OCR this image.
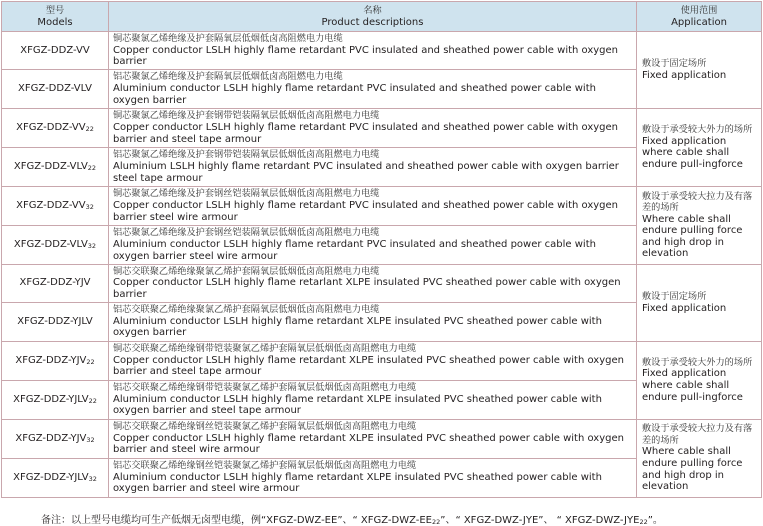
型号
Models	名称
Product descriptions	使用范围
Application

XFGZ-DDZ-VV	铜芯聚氯乙烯绝缘及护套隔氧层低烟低卤高阻燃电力电缆
Copper conductor LSLH highly flame retardant PVC insulated and sheathed power cable with oxygen barrier	敷设于固定场所
Fixed application

XFGZ-DDZ-VLV	铝芯聚氯乙烯绝缘及护套隔氧层低烟低卤高阻燃电力电缆
Aluminium conductor LSLH highly flame retardant PVC insulated and sheathed power cable with oxygen barrier	

XFGZ-$DDZ-VV_{22}$	铜芯聚氯乙烯绝缘及护套钢带铠装隔氧层低烟低卤高阻燃电力电缆
Copper conductor LSLH highly flame retardant PVC insulated and sheathed power cable with oxygen barrier and steel tape armour	敷设于承受较大外力的场所
Fixed application where cable shall endure pull-ingforce

XFGZ-$DDZ-VLV_{22}$	铝芯聚氯乙烯绝缘及护套钢带铠装隔氧层低烟低卤高阻燃电力电缆
Aluminium LSLH highly flame retardant PVC insulated and sheathed power cable with oxygen barrier steel tape armour	

XFGZ-$DDZ-VV_{32}$	铜芯聚氯乙烯绝缘及护套钢丝铠装隔氧层低烟低卤高阻燃电力电缆
Copper conductor LSLH highly flame retardant PVC insulated and sheathed power cable with oxygen barrier steel wire armour	敷设于承受较大拉力及有落差的场所
Where cable shall endure pulling force and high drop in elevation

XFGZ-$DDZ-VLV_{32}$	铝芯聚氯乙烯绝缘及护套钢丝铠装隔氧层低烟低卤高阻燃电力电缆
Aluminium conductor LSLH highly flame retardant PVC insulated and sheathed power cable with oxygen barrier steel wire armour	

XFGZ-DDZ-YJV	铜芯交联聚乙烯绝缘聚氯乙烯护套隔氧层低烟低卤高阻燃电力电缆
Copper conductor LSLH highly flame retarlant XLPE insulated PVC sheathed power cable with oxygen barrier	敷设于固定场所
Fixed application

XFGZ-DDZ-YJLV	铝芯交联聚乙烯绝缘聚氯乙烯护套隔氧层低烟低卤高阻燃电力电缆
Aluminium conductor LSLH highly flame retardant XLPE insulated PVC sheathed power cable with oxygen barrier	

XFGZ-$DDZ-YJV_{22}$	铜芯交联聚乙烯绝缘钢带铠装聚氯乙烯护套隔氧层低烟低卤高阻燃电力电缆
Copper conductor LSLH highly flame retardant XLPE insulated PVC sheathed power cable with oxygen barrier and steel tape armour	敷设于承受较大外力的场所
Fixed application where cable shall endure pull-ingforce

XFGZ-$DDZ-YJLV_{22}$	铝芯交联聚乙烯绝缘钢带铠装聚氯乙烯护套隔氧层低烟低卤高阻燃电力电缆
Aluminium conductor LSLH highly flame retardant XLPE insulated PVC sheathed power cable with oxygen barrier and steel tape armour	

XFGZ-$DDZ-YJV_{32}$	铜芯交联聚乙烯绝缘钢丝铠装聚氯乙烯护套隔氧层低烟低卤高阻燃电力电缆
Copper conductor LSLH highly flame retardant XLPE insulated PVC sheathed power cable with oxygen barrier and steel wire armour	敷设于承受较大拉力及有落差的场所
Where cable shall endure pulling force and high drop in elevation

XFGZ-$DDZ-YJLV_{32}$	铝芯交联聚乙烯绝缘钢丝铠装聚氯乙烯护套隔氧层低烟低卤高阻燃电力电缆
Aluminium conductor LSLH highly flame retardant XLPE insulated PVC sheathed power cable with oxygen barrier and steel wire armour	
备注：以上型号电缆均可生产低烟无卤型电缆，例“XFGZ-DWZ-EE”、“ XFGZ-$DWZ-EE_{22}$”、“ XFGZ-DWZ-JYE”、 “ XFGZ-$DWZ-JYE_{22}$”。
